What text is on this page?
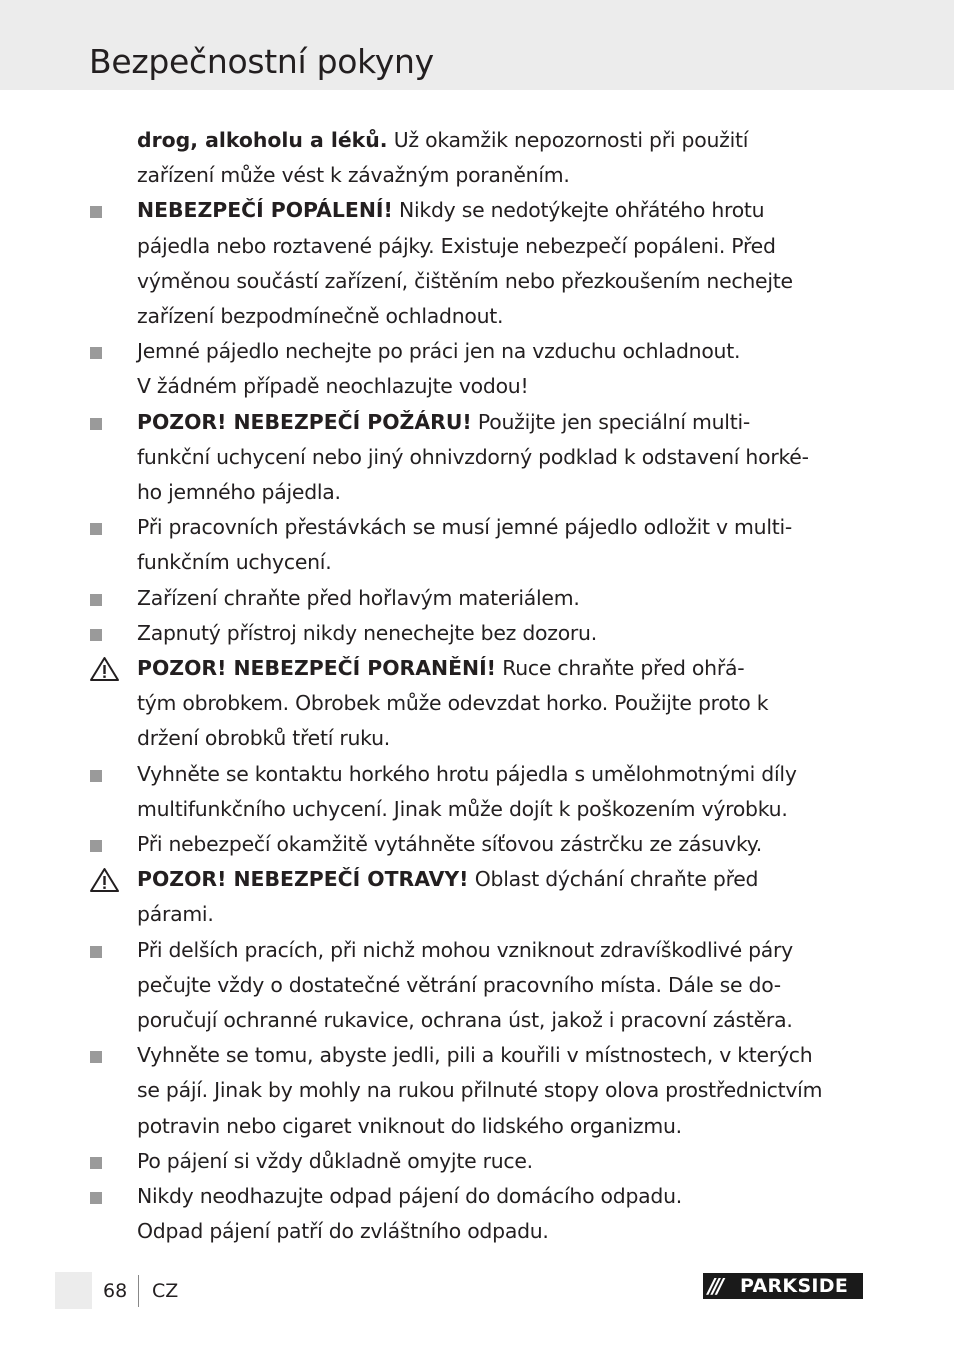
Bezpečnostní pokyny
drog, alkoholu a léků. Už okamžik nepozornosti při použití
zařízení může vést k závažným poraněním.
NEBEZPEČÍ POPÁLENÍ! Nikdy se nedotýkejte ohřátého hrotu
pájedla nebo roztavené pájky. Existuje nebezpečí popáleni. Před
výměnou součástí zařízení, čištěním nebo přezkoušením nechejte
zařízení bezpodmínečně ochladnout.
Jemné pájedlo nechejte po práci jen na vzduchu ochladnout.
V žádném případě neochlazujte vodou!
POZOR! NEBEZPEČÍ POŽÁRU! Použijte jen speciální multi-
funkční uchycení nebo jiný ohnivzdorný podklad k odstavení horké-
ho jemného pájedla.
Při pracovních přestávkách se musí jemné pájedlo odložit v multi-
funkčním uchycení.
Zařízení chraňte před hořlavým materiálem.
Zapnutý přístroj nikdy nenechejte bez dozoru.
POZOR! NEBEZPEČÍ PORANĚNÍ! Ruce chraňte před ohřá-
tým obrobkem. Obrobek může odevzdat horko. Použijte proto k
držení obrobků třetí ruku.
Vyhněte se kontaktu horkého hrotu pájedla s umělohmotnými díly
multifunkčního uchycení. Jinak může dojít k poškozením výrobku.
Při nebezpečí okamžitě vytáhněte síťovou zástrčku ze zásuvky.
POZOR! NEBEZPEČÍ OTRAVY! Oblast dýchání chraňte před
párami.
Při delších pracích, při nichž mohou vzniknout zdravíškodlivé páry
pečujte vždy o dostatečné větrání pracovního místa. Dále se do-
poručují ochranné rukavice, ochrana úst, jakož i pracovní zástěra.
Vyhněte se tomu, abyste jedli, pili a kouřili v místnostech, v kterých
se pájí. Jinak by mohly na rukou přilnuté stopy olova prostřednictvím
potravin nebo cigaret vniknout do lidského organizmu.
Po pájení si vždy důkladně omyjte ruce.
Nikdy neodhazujte odpad pájení do domácího odpadu.
Odpad pájení patří do zvláštního odpadu.
68 CZ	/// PARKSIDE
